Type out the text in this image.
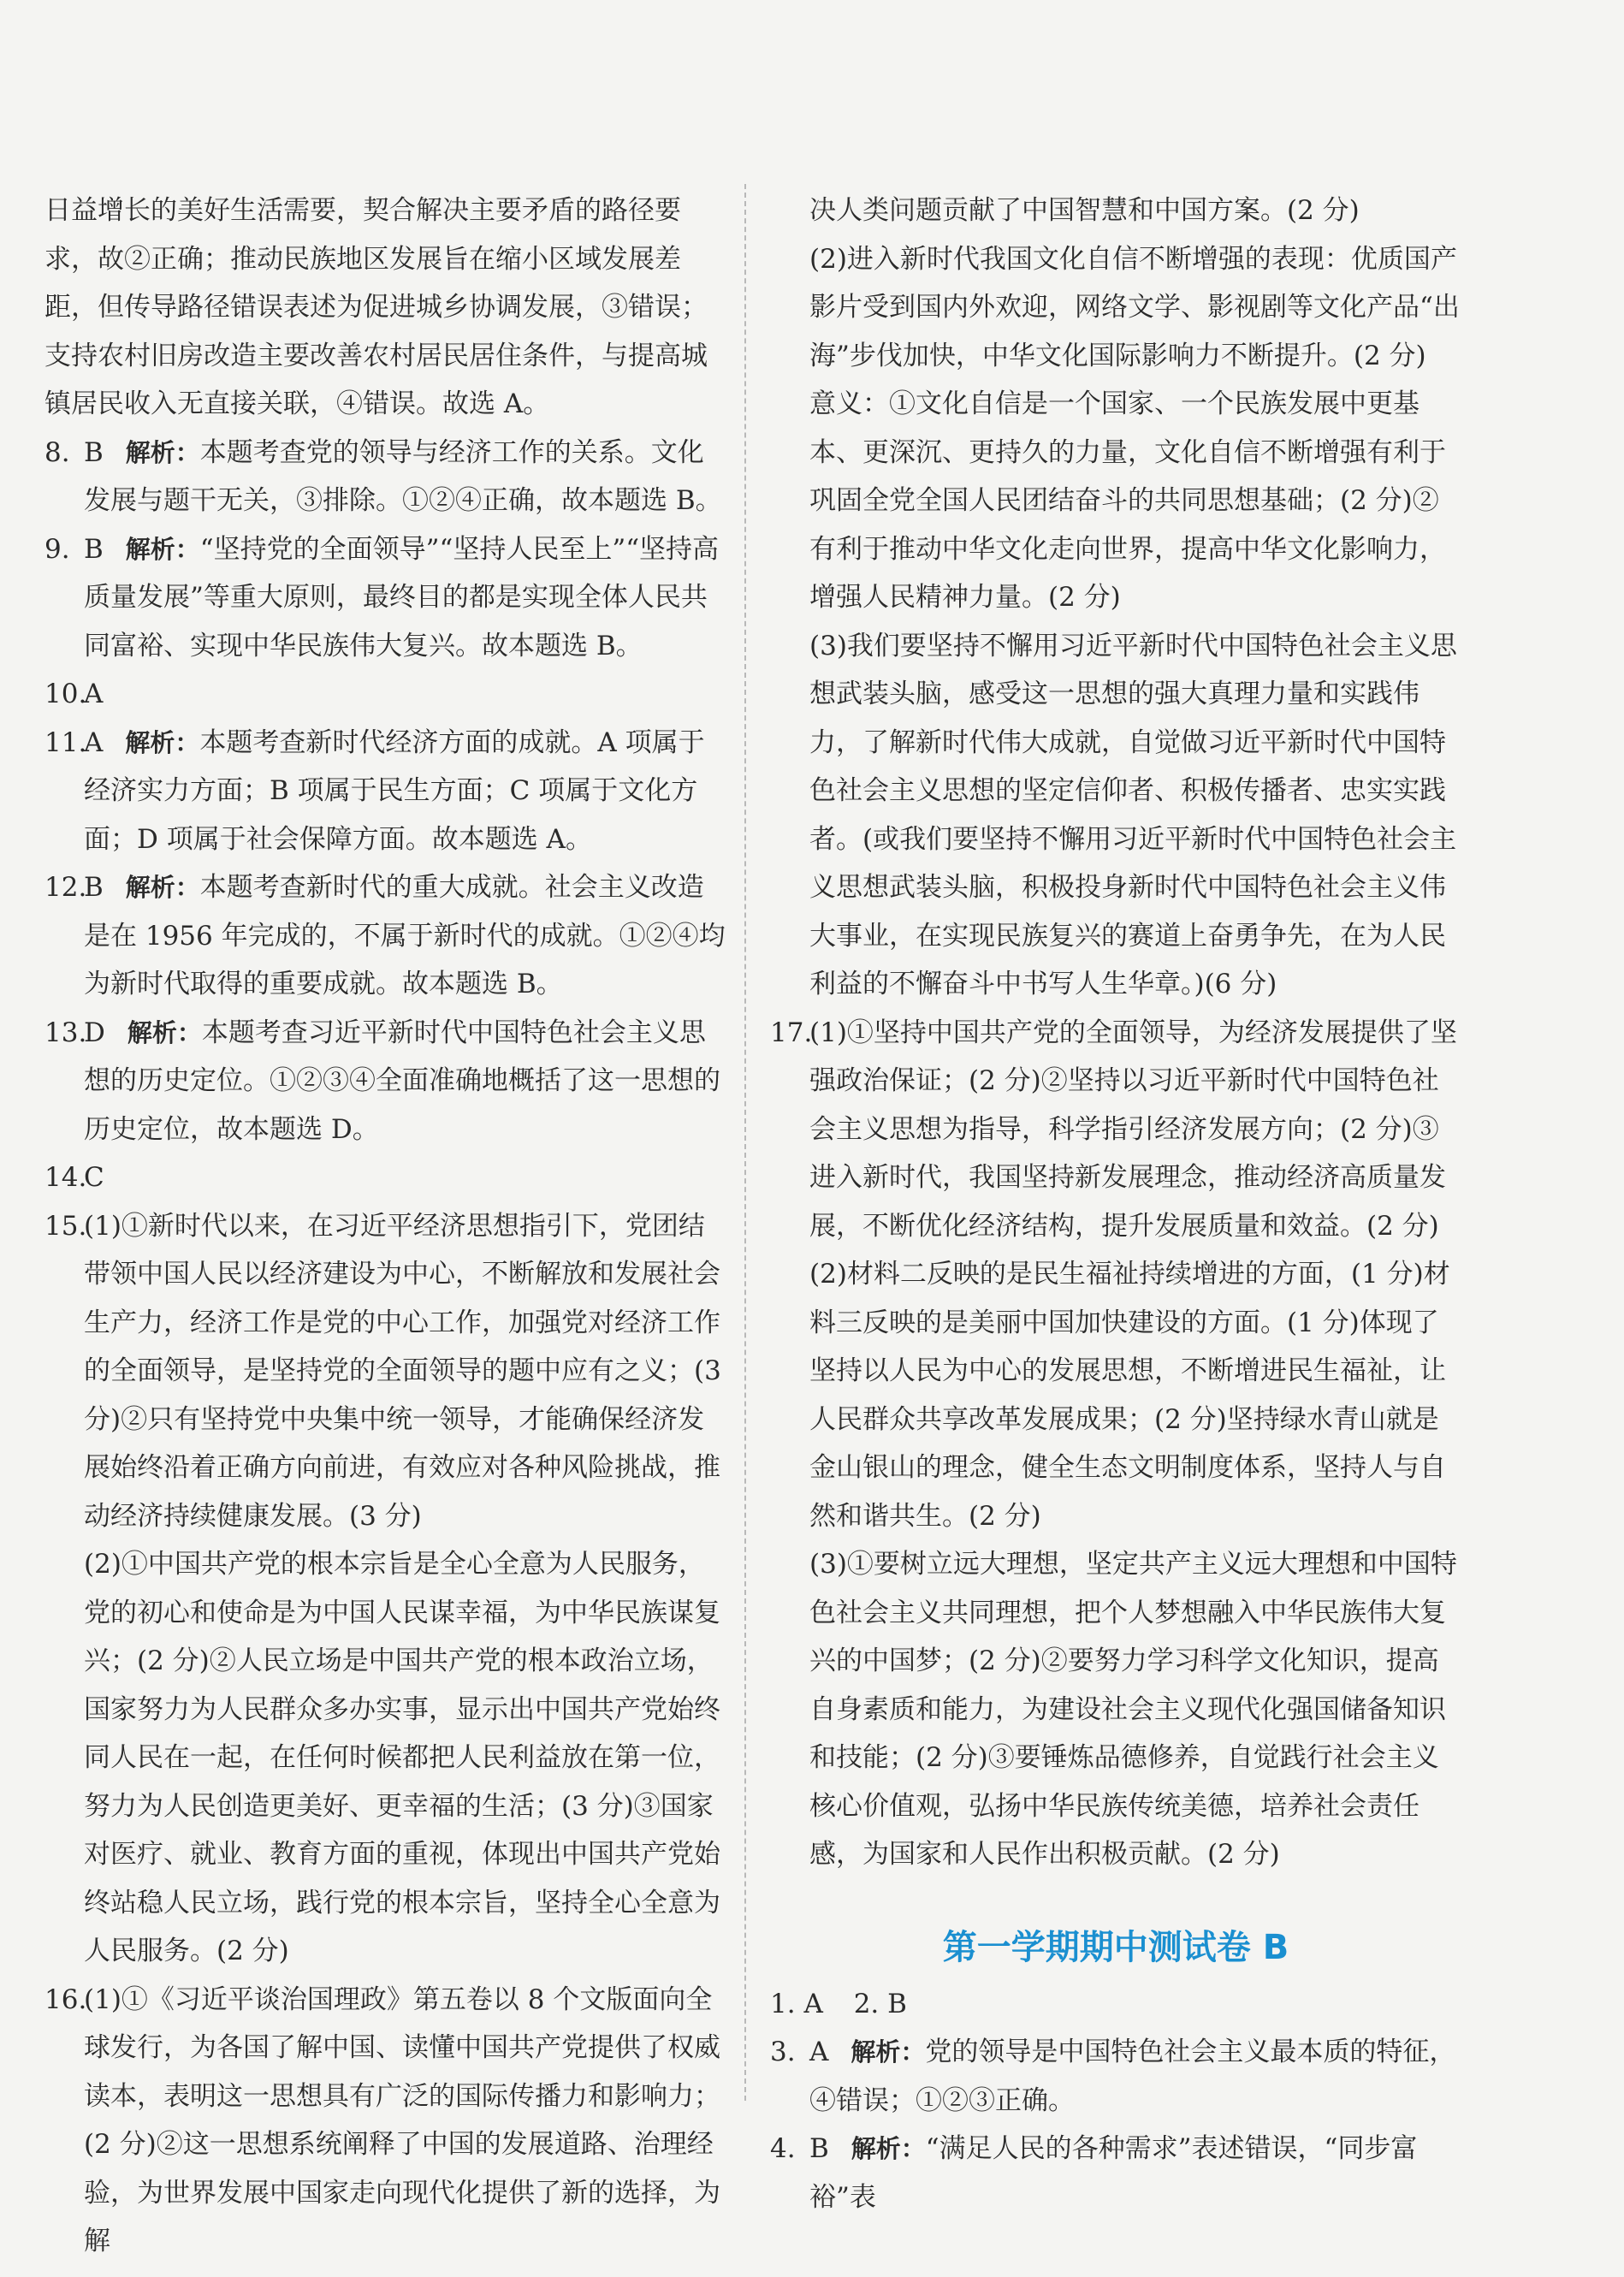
日益增长的美好生活需要，契合解决主要矛盾的路径要求，故②正确；推动民族地区发展旨在缩小区域发展差距，但传导路径错误表述为促进城乡协调发展，③错误；支持农村旧房改造主要改善农村居民居住条件，与提高城镇居民收入无直接关联，④错误。故选 A。
8. B 解析：本题考查党的领导与经济工作的关系。文化发展与题干无关，③排除。①②④正确，故本题选 B。
9. B 解析：“坚持党的全面领导”“坚持人民至上”“坚持高质量发展”等重大原则，最终目的都是实现全体人民共同富裕、实现中华民族伟大复兴。故本题选 B。
10.
A
11.
A 解析：本题考查新时代经济方面的成就。A 项属于经济实力方面；B 项属于民生方面；C 项属于文化方面；D 项属于社会保障方面。故本题选 A。
12.
B 解析：本题考查新时代的重大成就。社会主义改造是在 1956 年完成的，不属于新时代的成就。①②④均为新时代取得的重要成就。故本题选 B。
13.
D 解析：本题考查习近平新时代中国特色社会主义思想的历史定位。①②③④全面准确地概括了这一思想的历史定位，故本题选 D。
14.
C
15.
(1)①新时代以来，在习近平经济思想指引下，党团结带领中国人民以经济建设为中心，不断解放和发展社会生产力，经济工作是党的中心工作，加强党对经济工作的全面领导，是坚持党的全面领导的题中应有之义；(3 分)②只有坚持党中央集中统一领导，才能确保经济发展始终沿着正确方向前进，有效应对各种风险挑战，推动经济持续健康发展。(3 分)
(2)①中国共产党的根本宗旨是全心全意为人民服务，党的初心和使命是为中国人民谋幸福，为中华民族谋复兴；(2 分)②人民立场是中国共产党的根本政治立场，国家努力为人民群众多办实事，显示出中国共产党始终同人民在一起，在任何时候都把人民利益放在第一位，努力为人民创造更美好、更幸福的生活；(3 分)③国家对医疗、就业、教育方面的重视，体现出中国共产党始终站稳人民立场，践行党的根本宗旨，坚持全心全意为人民服务。(2 分)
16.
(1)①《习近平谈治国理政》第五卷以 8 个文版面向全球发行，为各国了解中国、读懂中国共产党提供了权威读本，表明这一思想具有广泛的国际传播力和影响力；(2 分)②这一思想系统阐释了中国的发展道路、治理经验，为世界发展中国家走向现代化提供了新的选择，为解
决人类问题贡献了中国智慧和中国方案。(2 分)
(2)进入新时代我国文化自信不断增强的表现：优质国产影片受到国内外欢迎，网络文学、影视剧等文化产品“出海”步伐加快，中华文化国际影响力不断提升。(2 分)
意义：①文化自信是一个国家、一个民族发展中更基本、更深沉、更持久的力量，文化自信不断增强有利于巩固全党全国人民团结奋斗的共同思想基础；(2 分)②有利于推动中华文化走向世界，提高中华文化影响力，增强人民精神力量。(2 分)
(3)我们要坚持不懈用习近平新时代中国特色社会主义思想武装头脑，感受这一思想的强大真理力量和实践伟力，了解新时代伟大成就，自觉做习近平新时代中国特色社会主义思想的坚定信仰者、积极传播者、忠实实践者。(或我们要坚持不懈用习近平新时代中国特色社会主义思想武装头脑，积极投身新时代中国特色社会主义伟大事业，在实现民族复兴的赛道上奋勇争先，在为人民利益的不懈奋斗中书写人生华章。)(6 分)
17.
(1)①坚持中国共产党的全面领导，为经济发展提供了坚强政治保证；(2 分)②坚持以习近平新时代中国特色社会主义思想为指导，科学指引经济发展方向；(2 分)③进入新时代，我国坚持新发展理念，推动经济高质量发展，不断优化经济结构，提升发展质量和效益。(2 分)
(2)材料二反映的是民生福祉持续增进的方面，(1 分)材料三反映的是美丽中国加快建设的方面。(1 分)体现了坚持以人民为中心的发展思想，不断增进民生福祉，让人民群众共享改革发展成果；(2 分)坚持绿水青山就是金山银山的理念，健全生态文明制度体系，坚持人与自然和谐共生。(2 分)
(3)①要树立远大理想，坚定共产主义远大理想和中国特色社会主义共同理想，把个人梦想融入中华民族伟大复兴的中国梦；(2 分)②要努力学习科学文化知识，提高自身素质和能力，为建设社会主义现代化强国储备知识和技能；(2 分)③要锤炼品德修养，自觉践行社会主义核心价值观，弘扬中华民族传统美德，培养社会责任感，为国家和人民作出积极贡献。(2 分)
第一学期期中测试卷 B
1. A 2. B
3. A 解析：党的领导是中国特色社会主义最本质的特征，④错误；①②③正确。
4. B 解析：“满足人民的各种需求”表述错误，“同步富裕”表
